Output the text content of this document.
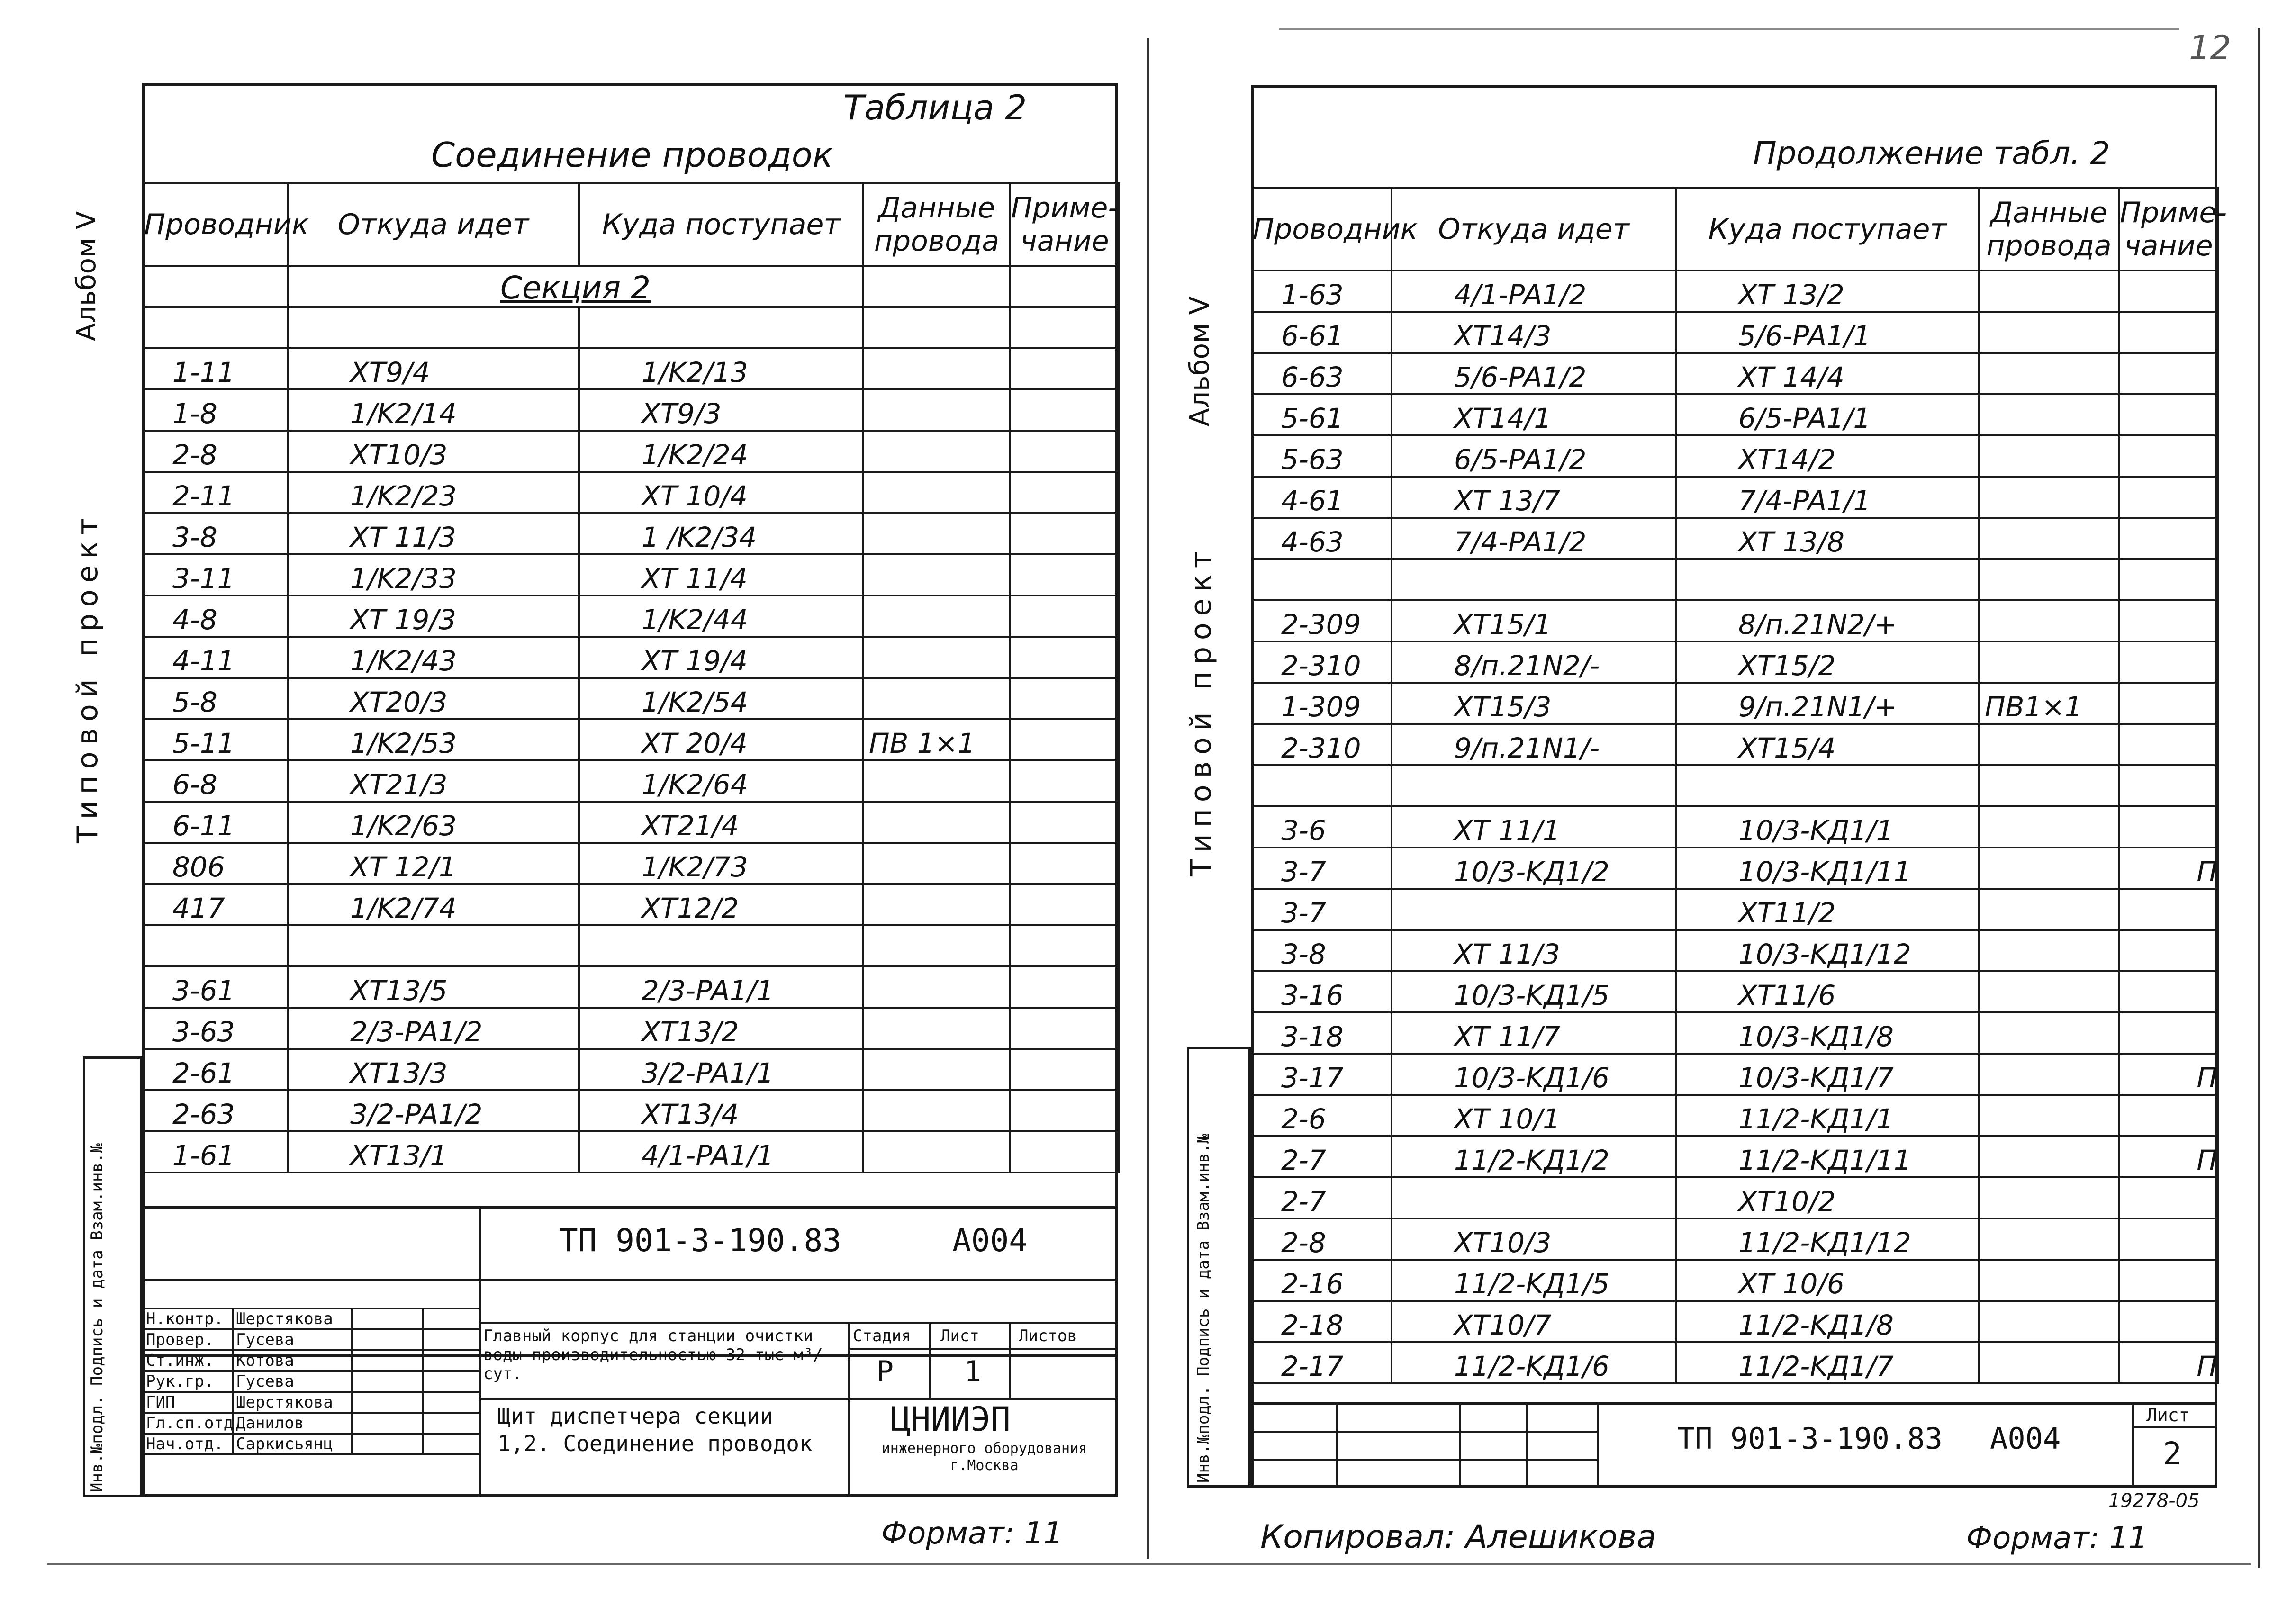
12
Таблица 2
Соединение проводок
Проводник	Откуда идет	Куда поступает	Данные провода	Приме-чание
	Секция 2			

1-11	XT9/4	1/K2/13		
1-8	1/K2/14	XT9/3		
2-8	XT10/3	1/K2/24		
2-11	1/K2/23	XT 10/4		
3-8	XT 11/3	1 /K2/34		
3-11	1/K2/33	XT 11/4		
4-8	XT 19/3	1/K2/44		
4-11	1/K2/43	XT 19/4		
5-8	XT20/3	1/K2/54		
5-11	1/K2/53	XT 20/4	ПВ 1×1	
6-8	XT21/3	1/K2/64		
6-11	1/K2/63	XT21/4		
806	XT 12/1	1/K2/73		
417	1/K2/74	XT12/2		

3-61	XT13/5	2/3-PA1/1		
3-63	2/3-PA1/2	XT13/2		
2-61	XT13/3	3/2-PA1/1		
2-63	3/2-PA1/2	XT13/4		
1-61	XT13/1	4/1-PA1/1		
Альбом V
Типовой проект
Инв.№подл. Подпись и дата Взам.инв.№	ТП 901-3-190.83	А004
Н.контр.	Шерстякова		
Провер.	Гусева		
Ст.инж.	Котова		
Рук.гр.	Гусева		
ГИП	Шерстякова		
Гл.сп.отд.	Данилов		
Нач.отд.	Саркисьянц		
Главный корпус для станции очистки воды производительностью 32 тыс м³/сут.
Щит диспетчера секции 1,2. Соединение проводок
Стадия Лист Листов
Р 1
ЦНИИЭП
инженерного оборудования г.Москва
Формат: 11
Продолжение табл. 2
Проводник	Откуда идет	Куда поступает	Данные провода	Приме-чание
1-63	4/1-PA1/2	XT 13/2		
6-61	XT14/3	5/6-PA1/1		
6-63	5/6-PA1/2	XT 14/4		
5-61	XT14/1	6/5-PA1/1		
5-63	6/5-PA1/2	XT14/2		
4-61	XT 13/7	7/4-PA1/1		
4-63	7/4-PA1/2	XT 13/8		

2-309	XT15/1	8/п.21N2/+		
2-310	8/п.21N2/-	XT15/2		
1-309	XT15/3	9/п.21N1/+	ПВ1×1	
2-310	9/п.21N1/-	XT15/4		

3-6	XT 11/1	10/3-KД1/1		
3-7	10/3-KД1/2	10/3-KД1/11		П
3-7		XT11/2		
3-8	XT 11/3	10/3-KД1/12		
3-16	10/3-KД1/5	XT11/6		
3-18	XT 11/7	10/3-KД1/8		
3-17	10/3-KД1/6	10/3-KД1/7		П
2-6	XT 10/1	11/2-KД1/1		
2-7	11/2-KД1/2	11/2-KД1/11		П
2-7		XT10/2		
2-8	XT10/3	11/2-KД1/12		
2-16	11/2-KД1/5	XT 10/6		
2-18	XT10/7	11/2-KД1/8		
2-17	11/2-KД1/6	11/2-KД1/7		П
Альбом V
Типовой проект
Инв.№подл. Подпись и дата Взам.инв.№	ТП 901-3-190.83 А004
Лист
2
19278-05
Копировал: Алешикова	Формат: 11
